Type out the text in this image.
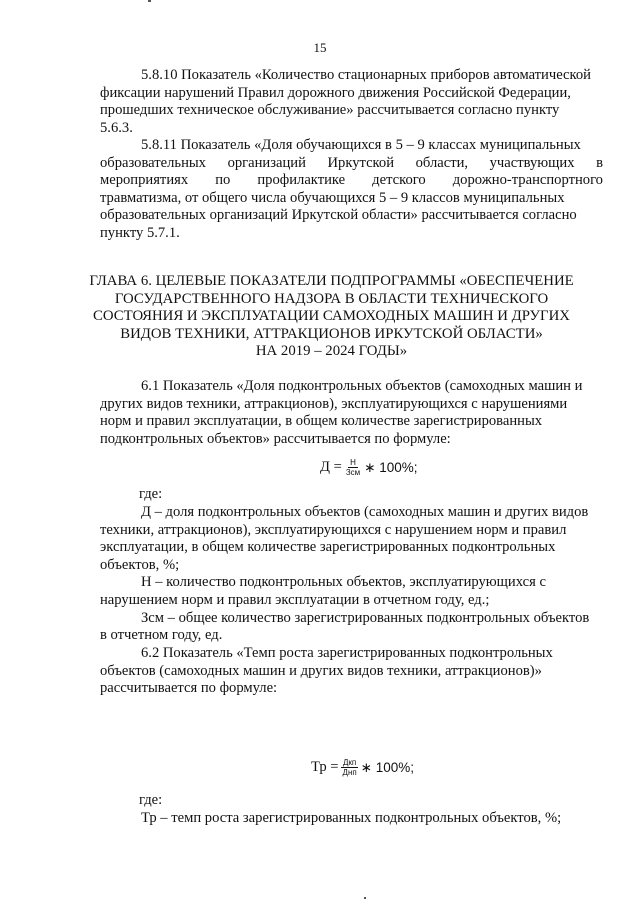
15
5.8.10 Показатель «Количество стационарных приборов автоматической
фиксации нарушений Правил дорожного движения Российской Федерации,
прошедших техническое обслуживание» рассчитывается согласно пункту
5.6.3.
5.8.11 Показатель «Доля обучающихся в 5 – 9 классах муниципальных
образовательных организаций Иркутской области, участвующих в
мероприятиях по профилактике детского дорожно-транспортного
травматизма, от общего числа обучающихся 5 – 9 классов муниципальных
образовательных организаций Иркутской области» рассчитывается согласно
пункту 5.7.1.
ГЛАВА 6. ЦЕЛЕВЫЕ ПОКАЗАТЕЛИ ПОДПРОГРАММЫ «ОБЕСПЕЧЕНИЕ
ГОСУДАРСТВЕННОГО НАДЗОРА В ОБЛАСТИ ТЕХНИЧЕСКОГО
СОСТОЯНИЯ И ЭКСПЛУАТАЦИИ САМОХОДНЫХ МАШИН И ДРУГИХ
ВИДОВ ТЕХНИКИ, АТТРАКЦИОНОВ ИРКУТСКОЙ ОБЛАСТИ»
НА 2019 – 2024 ГОДЫ»
6.1 Показатель «Доля подконтрольных объектов (самоходных машин и
других видов техники, аттракционов), эксплуатирующихся с нарушениями
норм и правил эксплуатации, в общем количестве зарегистрированных
подконтрольных объектов» рассчитывается по формуле:
$Д = \frac{Н}{\text{Зсм}}$ ∗ 100%;
где:
Д – доля подконтрольных объектов (самоходных машин и других видов
техники, аттракционов), эксплуатирующихся с нарушением норм и правил
эксплуатации, в общем количестве зарегистрированных подконтрольных
объектов, %;
Н – количество подконтрольных объектов, эксплуатирующихся с
нарушением норм и правил эксплуатации в отчетном году, ед.;
Зсм – общее количество зарегистрированных подконтрольных объектов
в отчетном году, ед.
6.2 Показатель «Темп роста зарегистрированных подконтрольных
объектов (самоходных машин и других видов техники, аттракционов)»
рассчитывается по формуле:
Тр = $\frac{\text{Дкп}}{\text{Днп}}$ ∗ 100%;
где:
Тр – темп роста зарегистрированных подконтрольных объектов, %;
